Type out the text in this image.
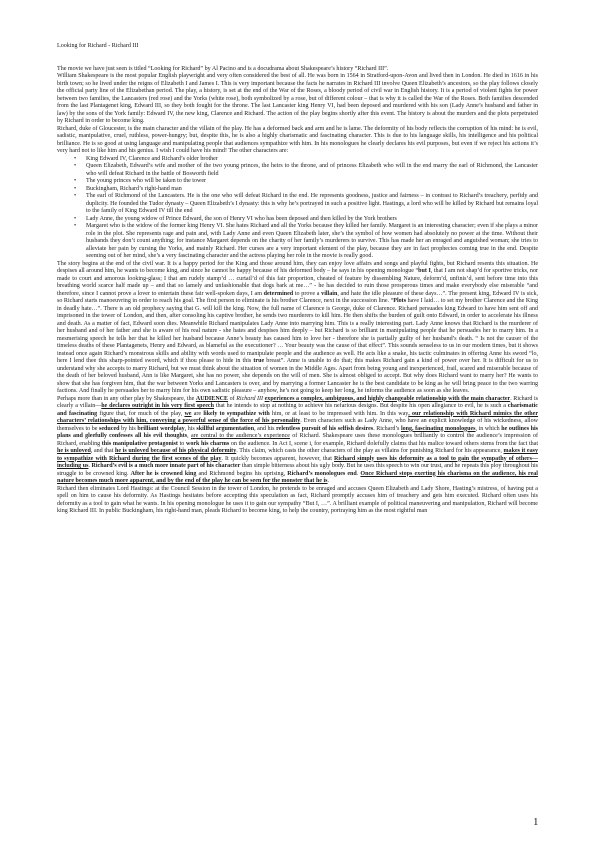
Looking for Richard - Richard III

The movie we have just seen is titled “Looking for Richard” by Al Pacino and is a docudrama about Shakespeare’s history “Richard III”.

William Shakespeare is the most popular English playwright and very often considered the best of all. He was born in 1564 in Stratford-upon-Avon and lived then in London. He died in 1616 in his birth town; so he lived under the reigns of Elizabeth I and James I. This is very important because the facts he narrates in Richard III involve Queen Elizabeth’s ancestors, so the play follows closely the official party line of the Elizabethan period. The play, a history, is set at the end of the War of the Roses, a bloody period of civil war in English history. It is a period of violent fights for power between two families, the Lancasters (red rose) and the Yorks (white rose), both symbolized by a rose, but of different colour – that is why it is called the War of the Roses. Both families descended from the last Plantagenet king, Edward III, so they both fought for the throne. The last Lancaster king Henry VI, had been deposed and murdered with his son (Lady Anne’s husband and father in law) by the sons of the York family: Edward IV, the new king, Clarence and Richard. The action of the play begins shortly after this event. The history is about the murders and the plots perpetrated by Richard in order to become king.

Richard, duke of Gloucester, is the main character and the villain of the play. He has a deformed back and arm and he is lame. The deformity of his body reflects the corruption of his mind: he is evil, sadistic, manipulative, cruel, ruthless, power-hungry; but, despite this, he is also a highly charismatic and fascinating character. This is due to his language skills, his intelligence and his political brilliance. He is so good at using language and manipulating people that audiences sympathize with him. In his monologues he clearly declares his evil purposes, but even if we reject his actions it’s very hard not to like him and his genius. I wish I could have his mind! The other characters are:

• King Edward IV, Clarence and Richard’s older brother
• Queen Elizabeth, Edward’s wife and mother of the two young princes, the heirs to the throne, and of princess Elizabeth who will in the end marry the earl of Richmond, the Lancaster who will defeat Richard in the battle of Bosworth field
• The young princes who will be taken to the tower
• Buckingham, Richard’s right-hand man
• The earl of Richmond of the Lancasters. He is the one who will defeat Richard in the end. He represents goodness, justice and fairness – in contrast to Richard’s treachery, perfidy and duplicity. He founded the Tudor dynasty – Queen Elizabeth’s I dynasty: this is why he’s portrayed in such a positive light. Hastings, a lord who will be killed by Richard but remains loyal to the family of King Edward IV till the end
• Lady Anne, the young widow of Prince Edward, the son of Henry VI who has been deposed and then killed by the York brothers
• Margaret who is the widow of the former king Henry VI. She hates Richard and all the Yorks because they killed her family. Margaret is an interesting character; even if she plays a minor role in the plot. She represents rage and pain and, with Lady Anne and even Queen Elizabeth later, she’s the symbol of how women had absolutely no power at the time. Without their husbands they don’t count anything; for instance Margaret depends on the charity of her family’s murderers to survive. This has made her an enraged and anguished woman; she tries to alleviate her pain by cursing the Yorks, and mainly Richard. Her curses are a very important element of the play, because they are in fact prophecies coming true in the end. Despite seeming out of her mind, she’s a very fascinating character and the actress playing her role in the movie is really good.

The story begins at the end of the civil war. It is a happy period for the King and those around him, they can enjoy love affairs and songs and playful fights, but Richard resents this situation. He despises all around him, he wants to become king, and since he cannot be happy because of his deformed body – he says in his opening monologue “but I, that I am not shap’d for sportive tricks, nor made to court and amorous looking-glass; I that am rudely stamp’d … curtail’d of this fair proportion, cheated of feature by dissembling Nature, deform’d, unfinis’d, sent before time into this breathing world scarce half made up – and that so lamely and unfashionable that dogs bark at me…” - he has decided to ruin those prosperous times and make everybody else miserable “and therefore, since I cannot prove a lover to entertain these fair well-spoken days, I am determined to prove a villain, and hate the idle pleasure of these days…”. The present king, Edward IV is sick, so Richard starts manoeuvring in order to reach his goal. The first person to eliminate is his brother Clarence, next in the succession line. “Plots have I laid… to set my brother Clarence and the King in deadly hate…”. There is an old prophecy saying that G. will kill the king. Now, the full name of Clarence is George, duke of Clarence. Richard persuades king Edward to have him sent off and imprisoned in the tower of London, and then, after consoling his captive brother, he sends two murderers to kill him. He then shifts the burden of guilt onto Edward, in order to accelerate his illness and death. As a matter of fact, Edward soon dies. Meanwhile Richard manipulates Lady Anne into marrying him. This is a really interesting part. Lady Anne knows that Richard is the murderer of her husband and of her father and she is aware of his real nature - she hates and despises him deeply – but Richard is so brilliant in manipulating people that he persuades her to marry him. In a mesmerising speech he tells her that he killed her husband because Anne’s beauty has caused him to love her - therefore she is partially guilty of her husband’s death. “ Is not the causer of the timeless deaths of these Plantagenets, Henry and Edward, as blameful as the executioner? … Your beauty was the cause of that effect”. This sounds senseless to us in our modern times, but it shows instead once again Richard’s monstrous skills and ability with words used to manipulate people and the audience as well. He acts like a snake, his tactic culminates in offering Anne his sword “lo, here I lend thee this sharp-pointed sword, which if thou please to hide in this true breast”. Anne is unable to do that; this makes Richard gain a kind of power over her. It is difficult for us to understand why she accepts to marry Richard, but we must think about the situation of women in the Middle Ages. Apart from being young and inexperienced, frail, scared and miserable because of the death of her beloved husband, Ann is like Margaret, she has no power, she depends on the will of men. She is almost obliged to accept. But why does Richard want to marry her? He wants to show that she has forgiven him, that the war between Yorks and Lancasters is over, and by marrying a former Lancaster he is the best candidate to be king as he will bring peace to the two warring factions. And finally he persuades her to marry him for his own sadistic pleasure – anyhow, he’s not going to keep her long, he informs the audience as soon as she leaves.

Perhaps more than in any other play by Shakespeare, the AUDIENCE of Richard III experiences a complex, ambiguous, and highly changeable relationship with the main character. Richard is clearly a villain—he declares outright in his very first speech that he intends to stop at nothing to achieve his nefarious designs. But despite his open allegiance to evil, he is such a charismatic and fascinating figure that, for much of the play, we are likely to sympathize with him, or at least to be impressed with him. In this way, our relationship with Richard mimics the other characters’ relationships with him, conveying a powerful sense of the force of his personality. Even characters such as Lady Anne, who have an explicit knowledge of his wickedness, allow themselves to be seduced by his brilliant wordplay, his skillful argumentation, and his relentless pursuit of his selfish desires. Richard’s long, fascinating monologues, in which he outlines his plans and gleefully confesses all his evil thoughts, are central to the audience’s experience of Richard. Shakespeare uses these monologues brilliantly to control the audience’s impression of Richard, enabling this manipulative protagonist to work his charms on the audience. In Act I, scene i, for example, Richard dolefully claims that his malice toward others stems from the fact that he is unloved, and that he is unloved because of his physical deformity. This claim, which casts the other characters of the play as villains for punishing Richard for his appearance, makes it easy to sympathize with Richard during the first scenes of the play. It quickly becomes apparent, however, that Richard simply uses his deformity as a tool to gain the sympathy of others—including us. Richard’s evil is a much more innate part of his character than simple bitterness about his ugly body. But he uses this speech to win our trust, and he repeats this ploy throughout his struggle to be crowned king. After he is crowned king and Richmond begins his uprising, Richard’s monologues end. Once Richard stops exerting his charisma on the audience, his real nature becomes much more apparent, and by the end of the play he can be seen for the monster that he is.

Richard then eliminates Lord Hastings: at the Council Session in the tower of London, he pretends to be enraged and accuses Queen Elizabeth and Lady Shore, Hasting’s mistress, of having put a spell on him to cause his deformity. As Hastings hesitates before accepting this speculation as fact, Richard promptly accuses him of treachery and gets him executed. Richard often uses his deformity as a tool to gain what he wants. In his opening monologue he uses it to gain our sympathy “But I, …”. A brilliant example of political maneuvering and manipulation, Richard will become king Richard III. In public Buckingham, his right-hand man, pleads Richard to become king, to help the country, portraying him as the most rightful man

1
